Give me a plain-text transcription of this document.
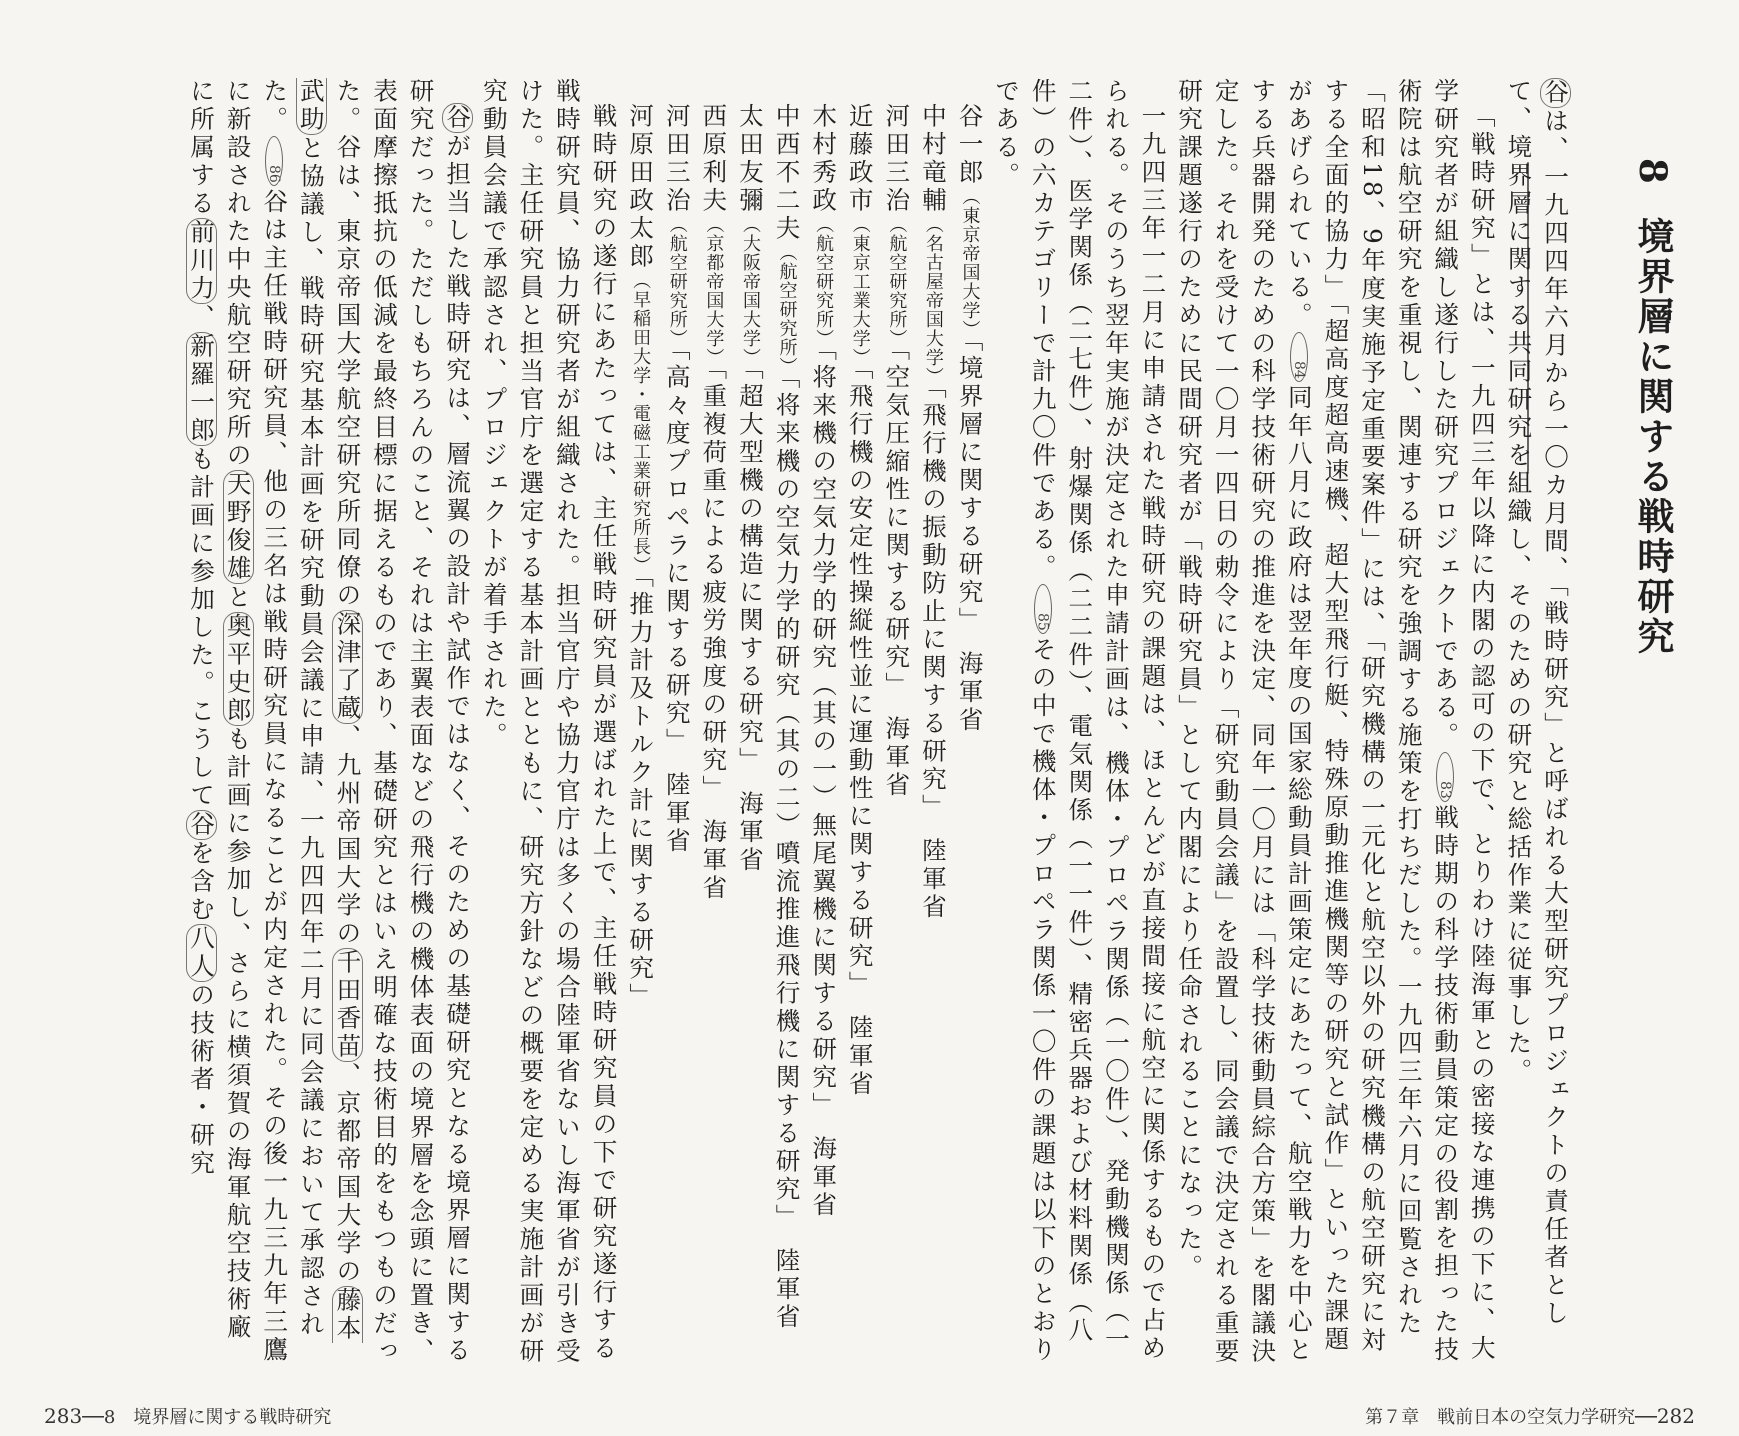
8境界層に関する戦時研究

谷は、一九四四年六月から一〇カ月間、「戦時研究」と呼ばれる大型研究プロジェクトの責任者として、境界層に関する共同研究を組織し、そのための研究と総括作業に従事した。

「戦時研究」とは、一九四三年以降に内閣の認可の下で、とりわけ陸海軍との密接な連携の下に、大学研究者が組織し遂行した研究プロジェクトである。83戦時期の科学技術動員策定の役割を担った技術院は航空研究を重視し、関連する研究を強調する施策を打ちだした。一九四三年六月に回覧された「昭和18、9年度実施予定重要案件」には、「研究機構の一元化と航空以外の研究機構の航空研究に対する全面的協力」「超高度超高速機、超大型飛行艇、特殊原動推進機関等の研究と試作」といった課題があげられている。84同年八月に政府は翌年度の国家総動員計画策定にあたって、航空戦力を中心とする兵器開発のための科学技術研究の推進を決定、同年一〇月には「科学技術動員綜合方策」を閣議決定した。それを受けて一〇月一四日の勅令により「研究動員会議」を設置し、同会議で決定される重要研究課題遂行のために民間研究者が「戦時研究員」として内閣により任命されることになった。

一九四三年一二月に申請された戦時研究の課題は、ほとんどが直接間接に航空に関係するもので占められる。そのうち翌年実施が決定された申請計画は、機体・プロペラ関係（一〇件）、発動機関係（一二件）、医学関係（二七件）、射爆関係（二二件）、電気関係（一一件）、精密兵器および材料関係（八件）の六カテゴリーで計九〇件である。85その中で機体・プロペラ関係一〇件の課題は以下のとおりである。

谷一郎（東京帝国大学）「境界層に関する研究」　海軍省

中村竜輔（名古屋帝国大学）「飛行機の振動防止に関する研究」　陸軍省

河田三治（航空研究所）「空気圧縮性に関する研究」　海軍省

近藤政市（東京工業大学）「飛行機の安定性操縦性並に運動性に関する研究」　陸軍省

木村秀政（航空研究所）「将来機の空気力学的研究（其の一）無尾翼機に関する研究」　海軍省

中西不二夫（航空研究所）「将来機の空気力学的研究（其の二）噴流推進飛行機に関する研究」　陸軍省

太田友彌（大阪帝国大学）「超大型機の構造に関する研究」　海軍省

西原利夫（京都帝国大学）「重複荷重による疲労強度の研究」　海軍省

河田三治（航空研究所）「高々度プロペラに関する研究」　陸軍省

河原田政太郎（早稲田大学・電磁工業研究所長）「推力計及トルク計に関する研究」

戦時研究の遂行にあたっては、主任戦時研究員が選ばれた上で、主任戦時研究員の下で研究遂行する戦時研究員、協力研究者が組織された。担当官庁や協力官庁は多くの場合陸軍省ないし海軍省が引き受けた。主任研究員と担当官庁を選定する基本計画とともに、研究方針などの概要を定める実施計画が研究動員会議で承認され、プロジェクトが着手された。

谷が担当した戦時研究は、層流翼の設計や試作ではなく、そのための基礎研究となる境界層に関する研究だった。ただしもちろんのこと、それは主翼表面などの飛行機の機体表面の境界層を念頭に置き、表面摩擦抵抗の低減を最終目標に据えるものであり、基礎研究とはいえ明確な技術目的をもつものだった。谷は、東京帝国大学航空研究所同僚の深津了蔵、九州帝国大学の千田香苗、京都帝国大学の藤本武助と協議し、戦時研究基本計画を研究動員会議に申請、一九四四年二月に同会議において承認された。86谷は主任戦時研究員、他の三名は戦時研究員になることが内定された。その後一九三九年三鷹に新設された中央航空研究所の天野俊雄と奥平史郎も計画に参加し、さらに横須賀の海軍航空技術廠に所属する前川力、新羅一郎も計画に参加した。こうして谷を含む八人の技術者・研究

283──8　境界層に関する戦時研究	第７章　戦前日本の空気力学研究──282
